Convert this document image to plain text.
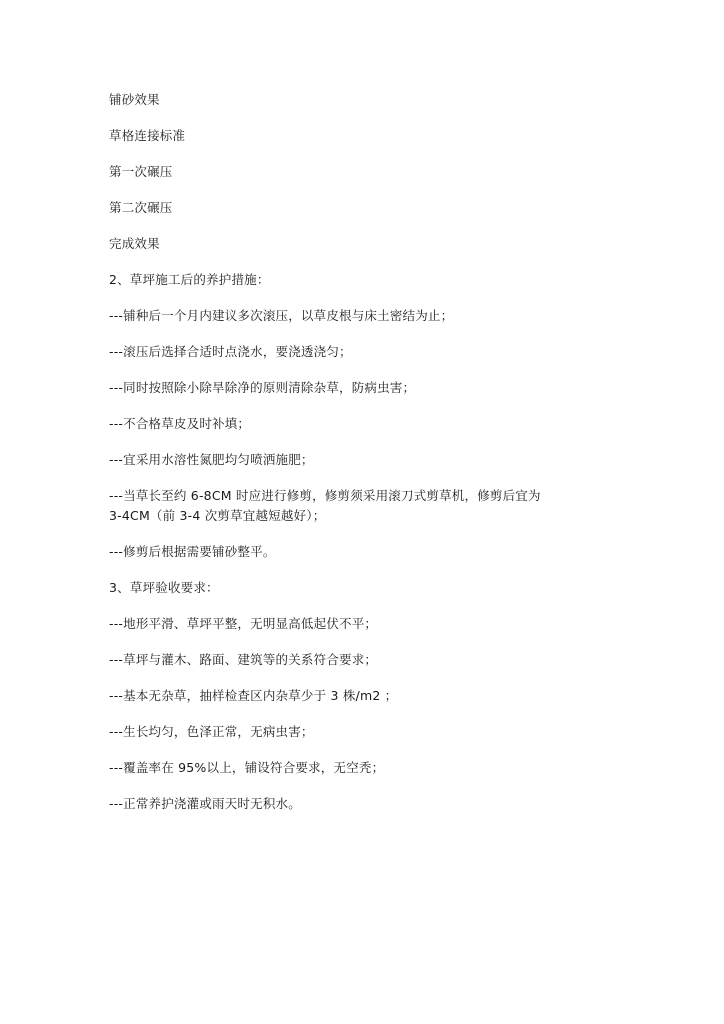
铺砂效果
草格连接标准
第一次碾压
第二次碾压
完成效果
2、草坪施工后的养护措施：
---铺种后一个月内建议多次滚压，以草皮根与床土密结为止；
---滚压后选择合适时点浇水，要浇透浇匀；
---同时按照除小除旱除净的原则清除杂草，防病虫害；
---不合格草皮及时补填；
---宜采用水溶性氮肥均匀喷洒施肥；
---当草长至约 6-8CM 时应进行修剪，修剪须采用滚刀式剪草机，修剪后宜为
3-4CM（前 3-4 次剪草宜越短越好）；
---修剪后根据需要铺砂整平。
3、草坪验收要求：
---地形平滑、草坪平整，无明显高低起伏不平；
---草坪与灌木、路面、建筑等的关系符合要求；
---基本无杂草，抽样检查区内杂草少于 3 株/m2 ；
---生长均匀，色泽正常，无病虫害；
---覆盖率在 95%以上，铺设符合要求，无空秃；
---正常养护浇灌或雨天时无积水。
